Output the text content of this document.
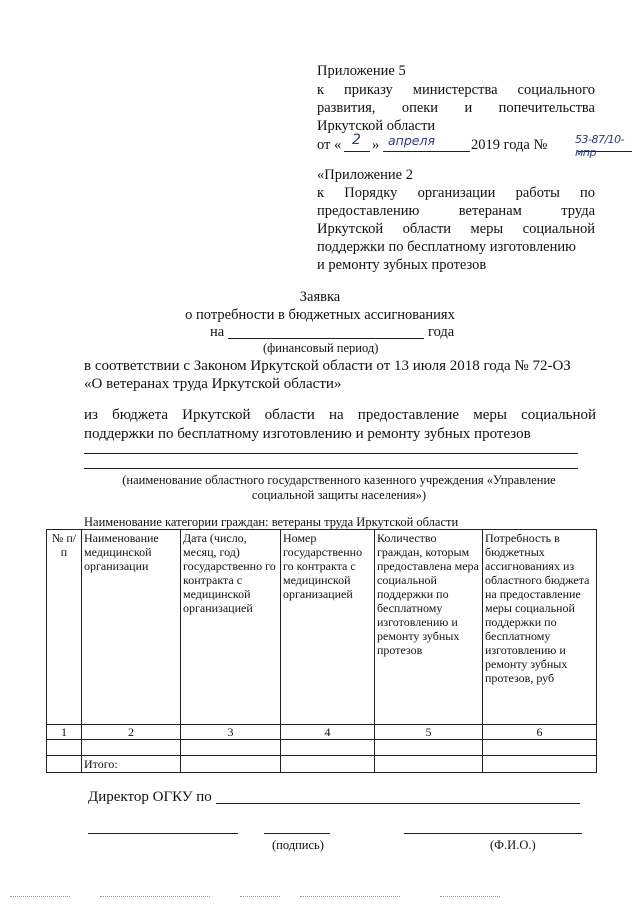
Приложение 5
к приказу министерства социального
развития, опеки и попечительства
Иркутской области
от « 2 » апреля 2019 года №	53-87/10-мпр
«Приложение 2
к Порядку организации работы по
предоставлению	ветеранам	труда
Иркутской области меры социальной
поддержки по бесплатному изготовлению
и ремонту зубных протезов
Заявка
о потребности в бюджетных ассигнованиях
на	года
(финансовый период)
в соответствии с Законом Иркутской области от 13 июля 2018 года № 72-ОЗ
«О ветеранах труда Иркутской области»
из бюджета Иркутской области на предоставление меры социальной
поддержки по бесплатному изготовлению и ремонту зубных протезов
(наименование областного государственного казенного учреждения «Управление
социальной защиты населения»)
Наименование категории граждан: ветераны труда Иркутской области
№ п/п	Наименование медицинской организации	Дата (число, месяц, год) государственно го контракта с медицинской организацией	Номер государственно го контракта с медицинской организацией	Количество граждан, которым предоставлена мера социальной поддержки по бесплатному изготовлению и ремонту зубных протезов	Потребность в бюджетных ассигнованиях из областного бюджета на предоставление меры социальной поддержки по бесплатному изготовлению и ремонту зубных протезов, руб
1	2	3	4	5	6

	Итого:				
Директор ОГКУ по
(подпись)	(Ф.И.О.)
